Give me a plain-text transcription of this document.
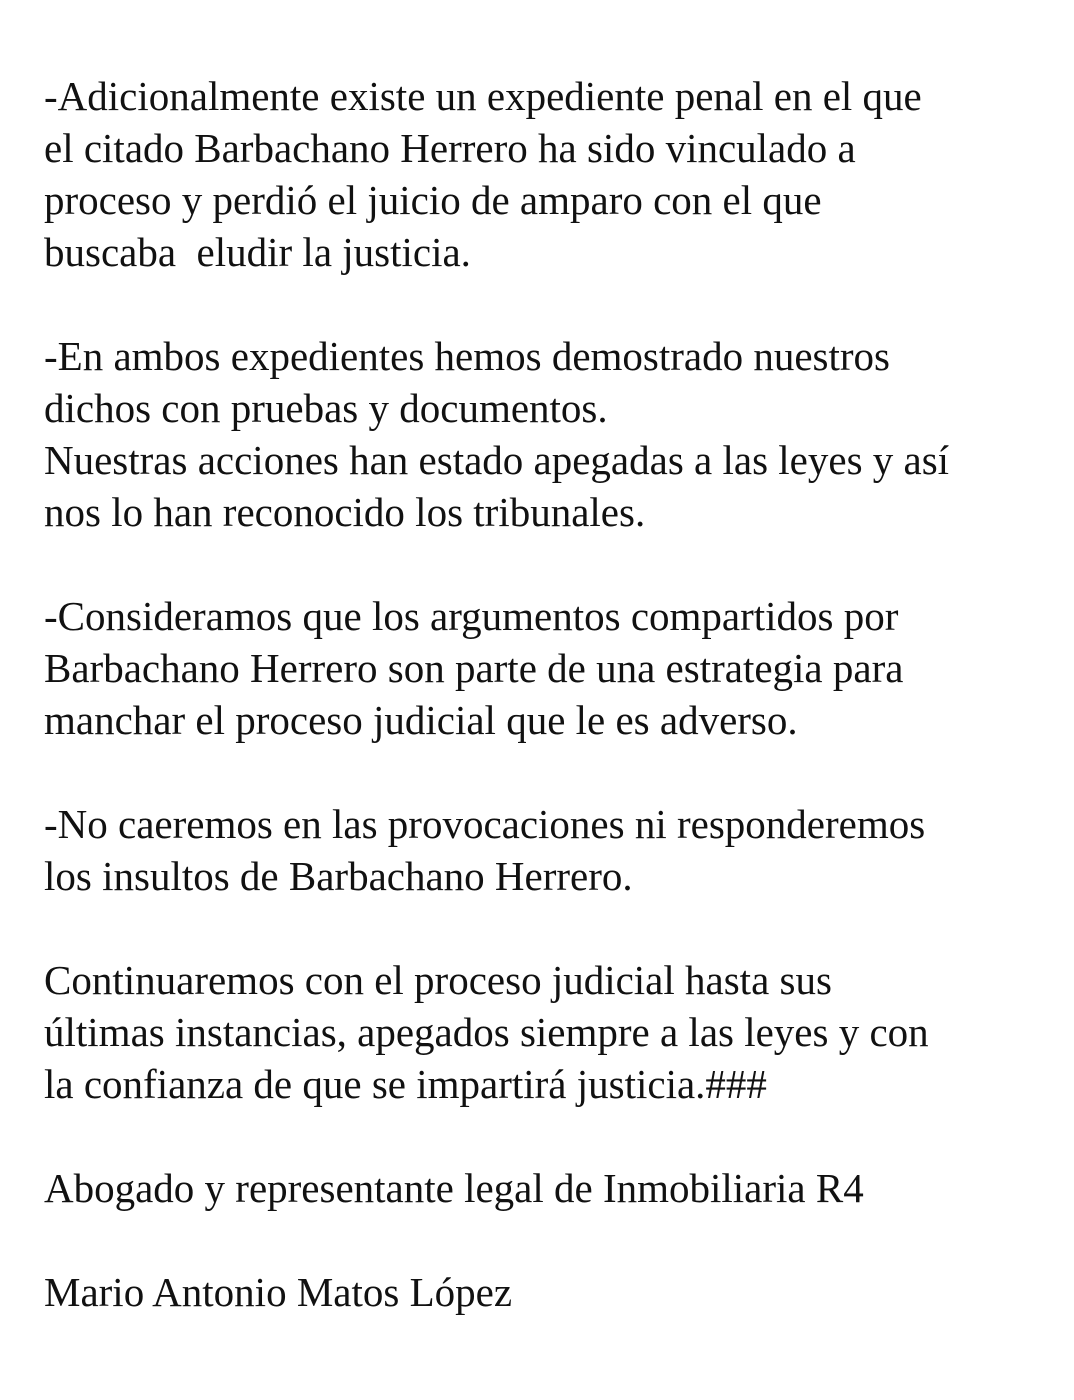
-Adicionalmente existe un expediente penal en el que
el citado Barbachano Herrero ha sido vinculado a
proceso y perdió el juicio de amparo con el que
buscaba  eludir la justicia.
-En ambos expedientes hemos demostrado nuestros
dichos con pruebas y documentos.
Nuestras acciones han estado apegadas a las leyes y así
nos lo han reconocido los tribunales.
-Consideramos que los argumentos compartidos por
Barbachano Herrero son parte de una estrategia para
manchar el proceso judicial que le es adverso.
-No caeremos en las provocaciones ni responderemos
los insultos de Barbachano Herrero.
Continuaremos con el proceso judicial hasta sus
últimas instancias, apegados siempre a las leyes y con
la confianza de que se impartirá justicia.###
Abogado y representante legal de Inmobiliaria R4
Mario Antonio Matos López
